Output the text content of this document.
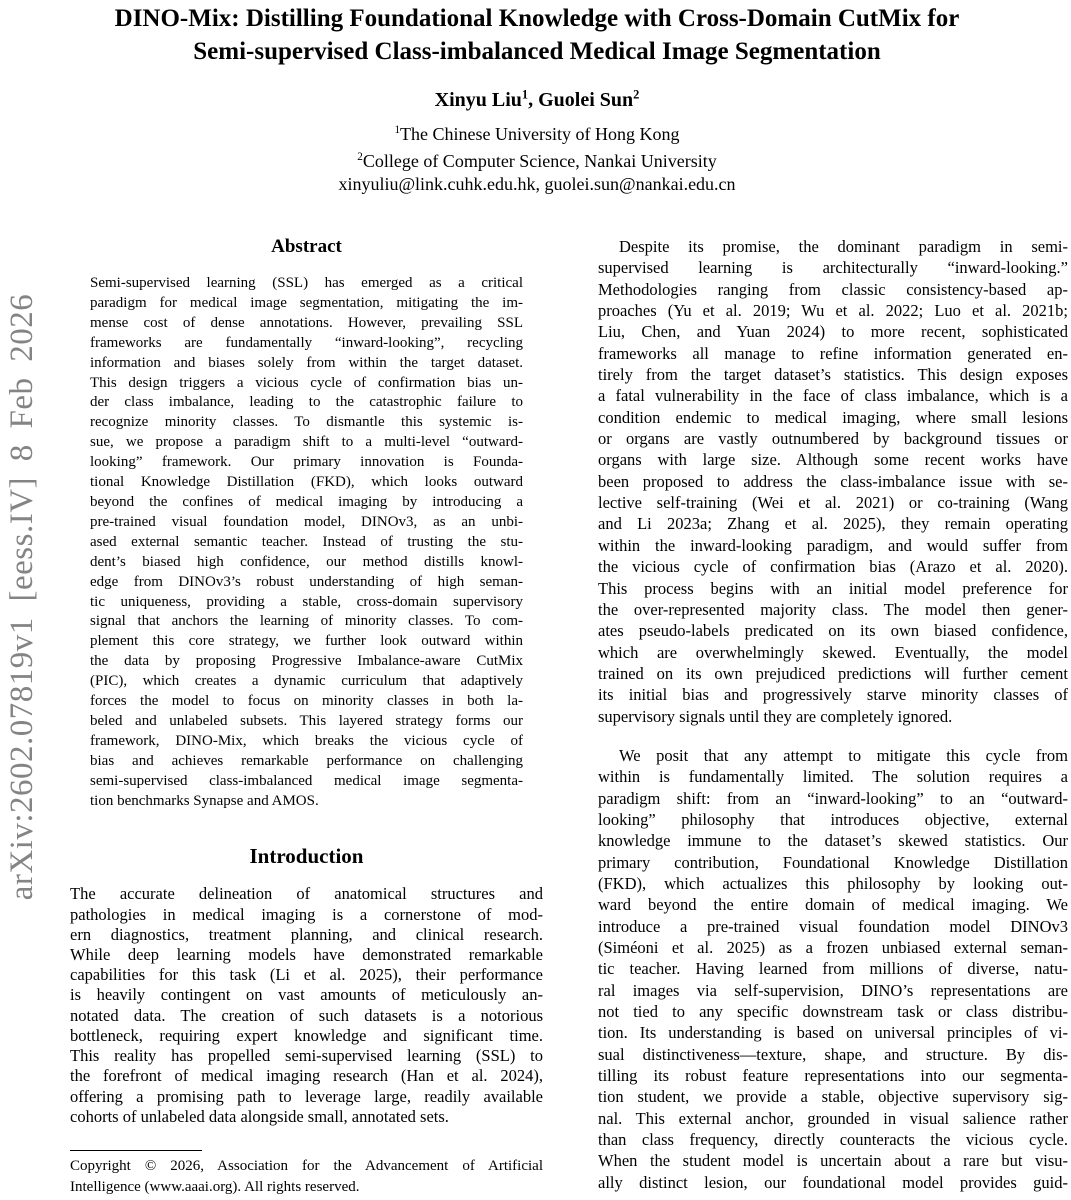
arXiv:2602.07819v1 [eess.IV] 8 Feb 2026
DINO-Mix: Distilling Foundational Knowledge with Cross-Domain CutMix for
Semi-supervised Class-imbalanced Medical Image Segmentation
Xinyu Liu$^1$, Guolei Sun$^2$
$^1$The Chinese University of Hong Kong
$^2$College of Computer Science, Nankai University
xinyuliu@link.cuhk.edu.hk, guolei.sun@nankai.edu.cn
Abstract
Semi-supervised learning (SSL) has emerged as a critical
paradigm for medical image segmentation, mitigating the im-
mense cost of dense annotations. However, prevailing SSL
frameworks are fundamentally “inward-looking”, recycling
information and biases solely from within the target dataset.
This design triggers a vicious cycle of confirmation bias un-
der class imbalance, leading to the catastrophic failure to
recognize minority classes. To dismantle this systemic is-
sue, we propose a paradigm shift to a multi-level “outward-
looking” framework. Our primary innovation is Founda-
tional Knowledge Distillation (FKD), which looks outward
beyond the confines of medical imaging by introducing a
pre-trained visual foundation model, DINOv3, as an unbi-
ased external semantic teacher. Instead of trusting the stu-
dent’s biased high confidence, our method distills knowl-
edge from DINOv3’s robust understanding of high seman-
tic uniqueness, providing a stable, cross-domain supervisory
signal that anchors the learning of minority classes. To com-
plement this core strategy, we further look outward within
the data by proposing Progressive Imbalance-aware CutMix
(PIC), which creates a dynamic curriculum that adaptively
forces the model to focus on minority classes in both la-
beled and unlabeled subsets. This layered strategy forms our
framework, DINO-Mix, which breaks the vicious cycle of
bias and achieves remarkable performance on challenging
semi-supervised class-imbalanced medical image segmenta-
tion benchmarks Synapse and AMOS.
Introduction
The accurate delineation of anatomical structures and
pathologies in medical imaging is a cornerstone of mod-
ern diagnostics, treatment planning, and clinical research.
While deep learning models have demonstrated remarkable
capabilities for this task (Li et al. 2025), their performance
is heavily contingent on vast amounts of meticulously an-
notated data. The creation of such datasets is a notorious
bottleneck, requiring expert knowledge and significant time.
This reality has propelled semi-supervised learning (SSL) to
the forefront of medical imaging research (Han et al. 2024),
offering a promising path to leverage large, readily available
cohorts of unlabeled data alongside small, annotated sets.
Copyright © 2026, Association for the Advancement of Artificial
Intelligence (www.aaai.org). All rights reserved.
Despite its promise, the dominant paradigm in semi-
supervised learning is architecturally “inward-looking.”
Methodologies ranging from classic consistency-based ap-
proaches (Yu et al. 2019; Wu et al. 2022; Luo et al. 2021b;
Liu, Chen, and Yuan 2024) to more recent, sophisticated
frameworks all manage to refine information generated en-
tirely from the target dataset’s statistics. This design exposes
a fatal vulnerability in the face of class imbalance, which is a
condition endemic to medical imaging, where small lesions
or organs are vastly outnumbered by background tissues or
organs with large size. Although some recent works have
been proposed to address the class-imbalance issue with se-
lective self-training (Wei et al. 2021) or co-training (Wang
and Li 2023a; Zhang et al. 2025), they remain operating
within the inward-looking paradigm, and would suffer from
the vicious cycle of confirmation bias (Arazo et al. 2020).
This process begins with an initial model preference for
the over-represented majority class. The model then gener-
ates pseudo-labels predicated on its own biased confidence,
which are overwhelmingly skewed. Eventually, the model
trained on its own prejudiced predictions will further cement
its initial bias and progressively starve minority classes of
supervisory signals until they are completely ignored.
We posit that any attempt to mitigate this cycle from
within is fundamentally limited. The solution requires a
paradigm shift: from an “inward-looking” to an “outward-
looking” philosophy that introduces objective, external
knowledge immune to the dataset’s skewed statistics. Our
primary contribution, Foundational Knowledge Distillation
(FKD), which actualizes this philosophy by looking out-
ward beyond the entire domain of medical imaging. We
introduce a pre-trained visual foundation model DINOv3
(Siméoni et al. 2025) as a frozen unbiased external seman-
tic teacher. Having learned from millions of diverse, natu-
ral images via self-supervision, DINO’s representations are
not tied to any specific downstream task or class distribu-
tion. Its understanding is based on universal principles of vi-
sual distinctiveness—texture, shape, and structure. By dis-
tilling its robust feature representations into our segmenta-
tion student, we provide a stable, objective supervisory sig-
nal. This external anchor, grounded in visual salience rather
than class frequency, directly counteracts the vicious cycle.
When the student model is uncertain about a rare but visu-
ally distinct lesion, our foundational model provides guid-
